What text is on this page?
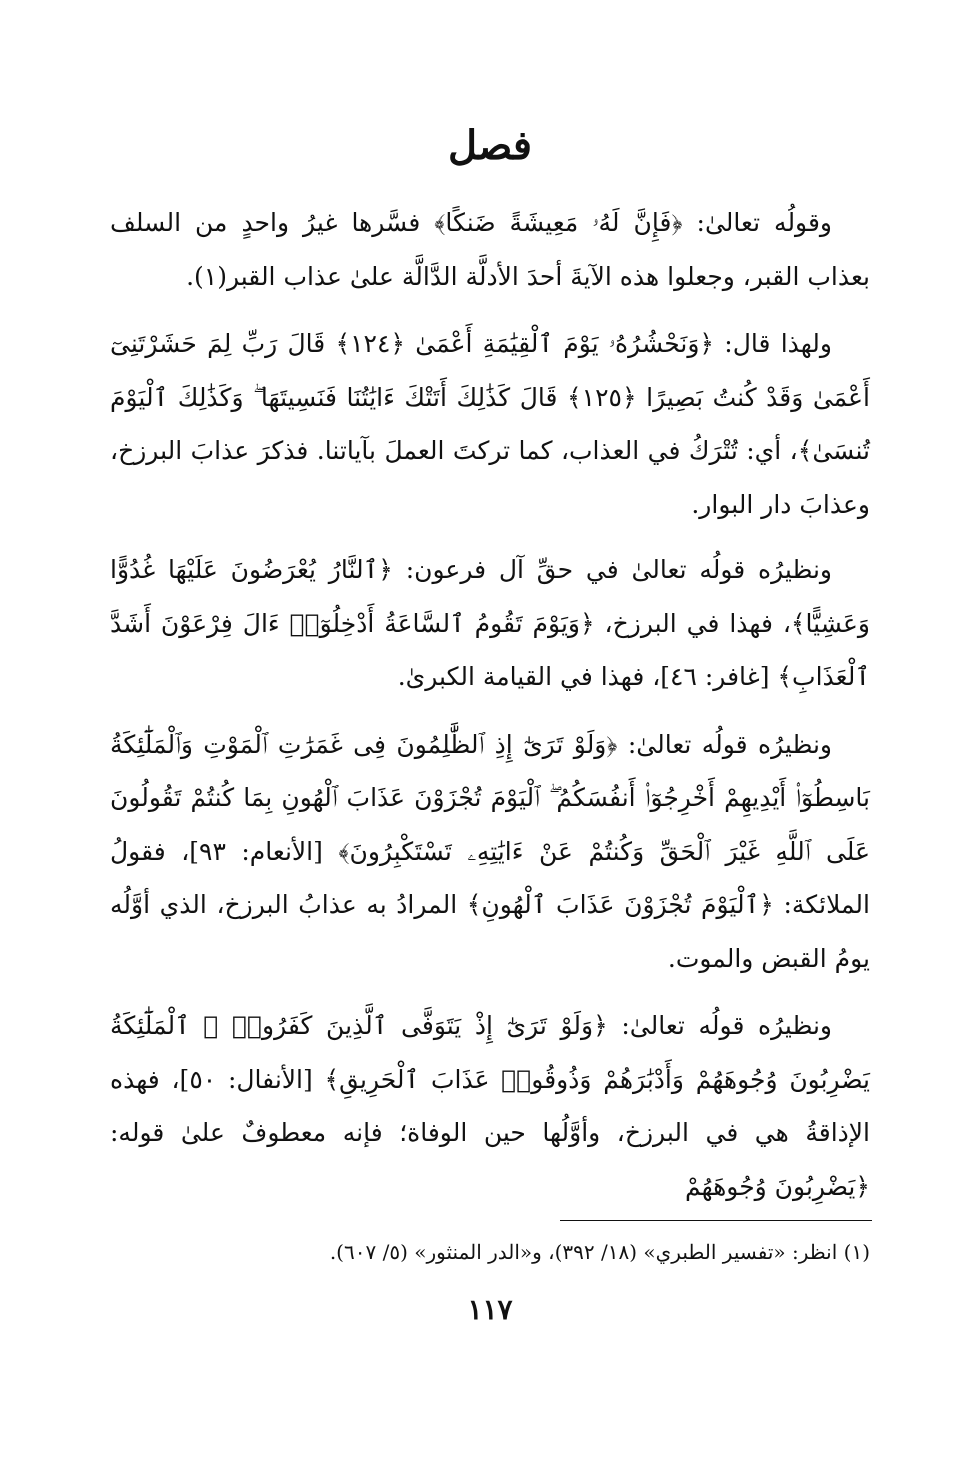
فصل

وقولُه تعالىٰ: ﴿فَإِنَّ لَهُۥ مَعِيشَةً ضَنكًا﴾ فسَّرها غيرُ واحدٍ من السلف بعذاب القبر، وجعلوا هذه الآيةَ أحدَ الأدلَّة الدَّالَّة علىٰ عذاب القبر(١).

ولهذا قال: ﴿وَنَحْشُرُهُۥ يَوْمَ ٱلْقِيَٰمَةِ أَعْمَىٰ ﴿١٢٤﴾ قَالَ رَبِّ لِمَ حَشَرْتَنِىٓ أَعْمَىٰ وَقَدْ كُنتُ بَصِيرًا ﴿١٢٥﴾ قَالَ كَذَٰلِكَ أَتَتْكَ ءَايَٰتُنَا فَنَسِيتَهَا ۖ وَكَذَٰلِكَ ٱلْيَوْمَ تُنسَىٰ﴾، أي: تُتْرَكُ في العذاب، كما تركتَ العملَ بآياتنا. فذكرَ عذابَ البرزخ، وعذابَ دار البوار.

ونظيرُه قولُه تعالىٰ في حقِّ آل فرعون: ﴿ٱلنَّارُ يُعْرَضُونَ عَلَيْهَا غُدُوًّا وَعَشِيًّا﴾، فهذا في البرزخ، ﴿وَيَوْمَ تَقُومُ ٱلسَّاعَةُ أَدْخِلُوٓا۟ ءَالَ فِرْعَوْنَ أَشَدَّ ٱلْعَذَابِ﴾ [غافر: ٤٦]، فهذا في القيامة الكبرىٰ.

ونظيرُه قولُه تعالىٰ: ﴿وَلَوْ تَرَىٰٓ إِذِ ٱلظَّٰلِمُونَ فِى غَمَرَٰتِ ٱلْمَوْتِ وَٱلْمَلَٰٓئِكَةُ بَاسِطُوٓا۟ أَيْدِيهِمْ أَخْرِجُوٓا۟ أَنفُسَكُمُ ۖ ٱلْيَوْمَ تُجْزَوْنَ عَذَابَ ٱلْهُونِ بِمَا كُنتُمْ تَقُولُونَ عَلَى ٱللَّهِ غَيْرَ ٱلْحَقِّ وَكُنتُمْ عَنْ ءَايَٰتِهِۦ تَسْتَكْبِرُونَ﴾ [الأنعام: ٩٣]، فقولُ الملائكة: ﴿ٱلْيَوْمَ تُجْزَوْنَ عَذَابَ ٱلْهُونِ﴾ المرادُ به عذابُ البرزخ، الذي أوَّلُه يومُ القبض والموت.

ونظيرُه قولُه تعالىٰ: ﴿وَلَوْ تَرَىٰٓ إِذْ يَتَوَفَّى ٱلَّذِينَ كَفَرُوا۟ ۙ ٱلْمَلَٰٓئِكَةُ يَضْرِبُونَ وُجُوهَهُمْ وَأَدْبَٰرَهُمْ وَذُوقُوا۟ عَذَابَ ٱلْحَرِيقِ﴾ [الأنفال: ٥٠]، فهذه الإذاقةُ هي في البرزخ، وأوَّلُها حين الوفاة؛ فإنه معطوفٌ علىٰ قوله: ﴿يَضْرِبُونَ وُجُوهَهُمْ

(١) انظر: «تفسير الطبري» (١٨/ ٣٩٢)، و«الدر المنثور» (٥/ ٦٠٧).
١١٧
